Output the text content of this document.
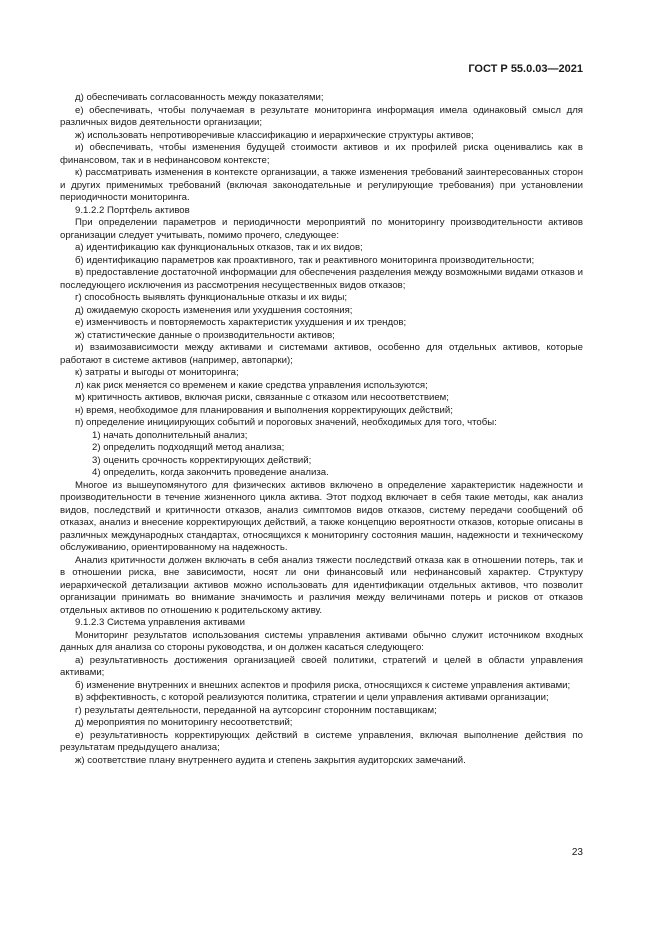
ГОСТ Р 55.0.03—2021

д) обеспечивать согласованность между показателями;

е) обеспечивать, чтобы получаемая в результате мониторинга информация имела одинаковый смысл для различных видов деятельности организации;

ж) использовать непротиворечивые классификацию и иерархические структуры активов;

и) обеспечивать, чтобы изменения будущей стоимости активов и их профилей риска оценивались как в финансовом, так и в нефинансовом контексте;

к) рассматривать изменения в контексте организации, а также изменения требований заинтересованных сторон и других применимых требований (включая законодательные и регулирующие требования) при установлении периодичности мониторинга.

9.1.2.2 Портфель активов

При определении параметров и периодичности мероприятий по мониторингу производительности активов организации следует учитывать, помимо прочего, следующее:

а) идентификацию как функциональных отказов, так и их видов;

б) идентификацию параметров как проактивного, так и реактивного мониторинга производительности;

в) предоставление достаточной информации для обеспечения разделения между возможными видами отказов и последующего исключения из рассмотрения несущественных видов отказов;

г) способность выявлять функциональные отказы и их виды;

д) ожидаемую скорость изменения или ухудшения состояния;

е) изменчивость и повторяемость характеристик ухудшения и их трендов;

ж) статистические данные о производительности активов;

и) взаимозависимости между активами и системами активов, особенно для отдельных активов, которые работают в системе активов (например, автопарки);

к) затраты и выгоды от мониторинга;

л) как риск меняется со временем и какие средства управления используются;

м) критичность активов, включая риски, связанные с отказом или несоответствием;

н) время, необходимое для планирования и выполнения корректирующих действий;

п) определение инициирующих событий и пороговых значений, необходимых для того, чтобы:

1) начать дополнительный анализ;

2) определить подходящий метод анализа;

3) оценить срочность корректирующих действий;

4) определить, когда закончить проведение анализа.

Многое из вышеупомянутого для физических активов включено в определение характеристик надежности и производительности в течение жизненного цикла актива. Этот подход включает в себя такие методы, как анализ видов, последствий и критичности отказов, анализ симптомов видов отказов, систему передачи сообщений об отказах, анализ и внесение корректирующих действий, а также концепцию вероятности отказов, которые описаны в различных международных стандартах, относящихся к мониторингу состояния машин, надежности и техническому обслуживанию, ориентированному на надежность.

Анализ критичности должен включать в себя анализ тяжести последствий отказа как в отношении потерь, так и в отношении риска, вне зависимости, носят ли они финансовый или нефинансовый характер. Структуру иерархической детализации активов можно использовать для идентификации отдельных активов, что позволит организации принимать во внимание значимость и различия между величинами потерь и рисков от отказов отдельных активов по отношению к родительскому активу.

9.1.2.3 Система управления активами

Мониторинг результатов использования системы управления активами обычно служит источником входных данных для анализа со стороны руководства, и он должен касаться следующего:

а) результативность достижения организацией своей политики, стратегий и целей в области управления активами;

б) изменение внутренних и внешних аспектов и профиля риска, относящихся к системе управления активами;

в) эффективность, с которой реализуются политика, стратегии и цели управления активами организации;

г) результаты деятельности, переданной на аутсорсинг сторонним поставщикам;

д) мероприятия по мониторингу несоответствий;

е) результативность корректирующих действий в системе управления, включая выполнение действия по результатам предыдущего анализа;

ж) соответствие плану внутреннего аудита и степень закрытия аудиторских замечаний.

23
